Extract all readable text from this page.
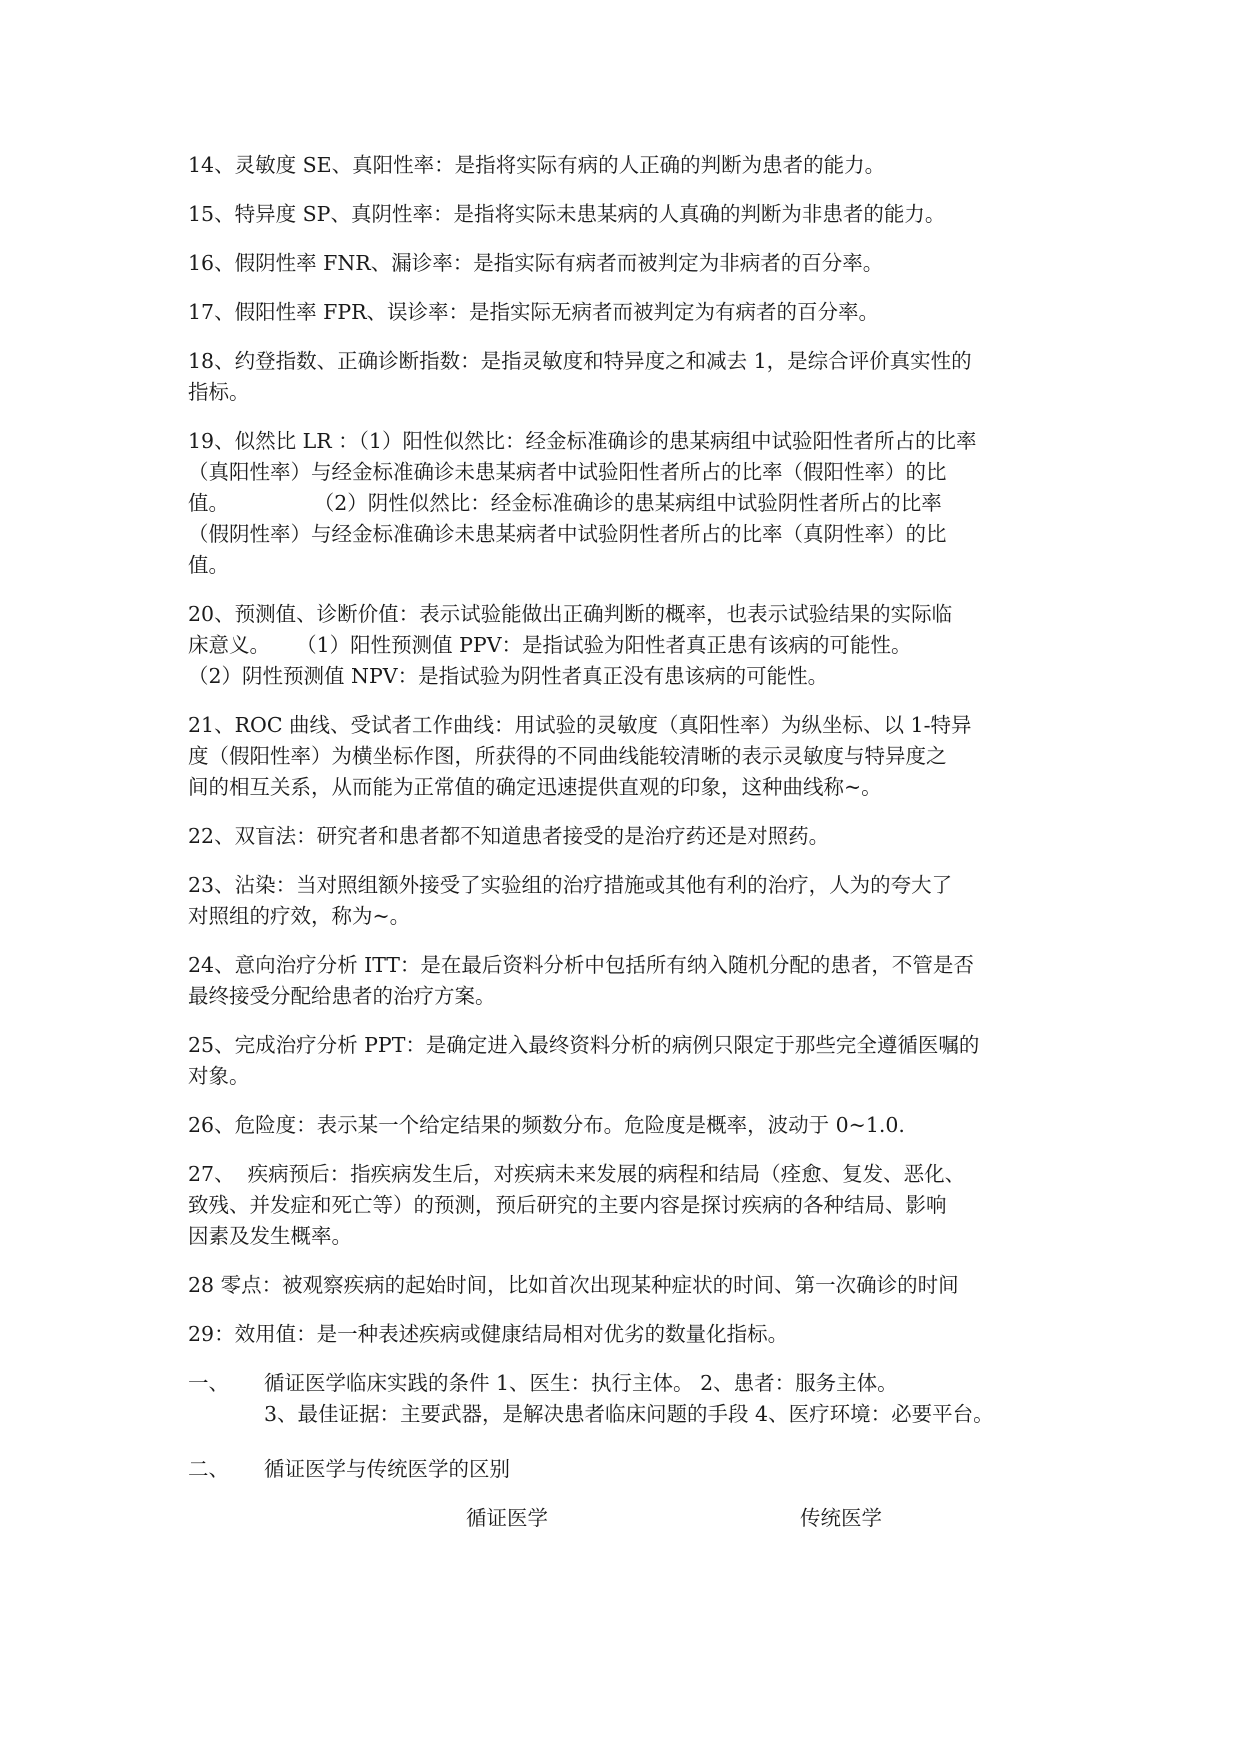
14、灵敏度 SE、真阳性率：是指将实际有病的人正确的判断为患者的能力。
15、特异度 SP、真阴性率：是指将实际未患某病的人真确的判断为非患者的能力。
16、假阴性率 FNR、漏诊率：是指实际有病者而被判定为非病者的百分率。
17、假阳性率 FPR、误诊率：是指实际无病者而被判定为有病者的百分率。
18、约登指数、正确诊断指数：是指灵敏度和特异度之和减去 1，是综合评价真实性的
指标。
19、似然比 LR ：（1）阳性似然比：经金标准确诊的患某病组中试验阳性者所占的比率
（真阳性率）与经金标准确诊未患某病者中试验阳性者所占的比率（假阳性率）的比
值。             （2）阴性似然比：经金标准确诊的患某病组中试验阴性者所占的比率
（假阴性率）与经金标准确诊未患某病者中试验阴性者所占的比率（真阴性率）的比
值。
20、预测值、诊断价值：表示试验能做出正确判断的概率，也表示试验结果的实际临
床意义。    （1）阳性预测值 PPV：是指试验为阳性者真正患有该病的可能性。
（2）阴性预测值 NPV：是指试验为阴性者真正没有患该病的可能性。
21、ROC 曲线、受试者工作曲线：用试验的灵敏度（真阳性率）为纵坐标、以 1-特异
度（假阳性率）为横坐标作图，所获得的不同曲线能较清晰的表示灵敏度与特异度之
间的相互关系，从而能为正常值的确定迅速提供直观的印象，这种曲线称~。
22、双盲法：研究者和患者都不知道患者接受的是治疗药还是对照药。
23、沾染：当对照组额外接受了实验组的治疗措施或其他有利的治疗，人为的夸大了
对照组的疗效，称为~。
24、意向治疗分析 ITT：是在最后资料分析中包括所有纳入随机分配的患者，不管是否
最终接受分配给患者的治疗方案。
25、完成治疗分析 PPT：是确定进入最终资料分析的病例只限定于那些完全遵循医嘱的
对象。
26、危险度：表示某一个给定结果的频数分布。危险度是概率，波动于 0~1.0.
27、  疾病预后：指疾病发生后，对疾病未来发展的病程和结局（痊愈、复发、恶化、
致残、并发症和死亡等）的预测，预后研究的主要内容是探讨疾病的各种结局、影响
因素及发生概率。
28 零点：被观察疾病的起始时间，比如首次出现某种症状的时间、第一次确诊的时间
29：效用值：是一种表述疾病或健康结局相对优劣的数量化指标。
一、	循证医学临床实践的条件 1、医生：执行主体。 2、患者：服务主体。
3、最佳证据：主要武器，是解决患者临床问题的手段 4、医疗环境：必要平台。
二、	循证医学与传统医学的区别
循证医学	传统医学
